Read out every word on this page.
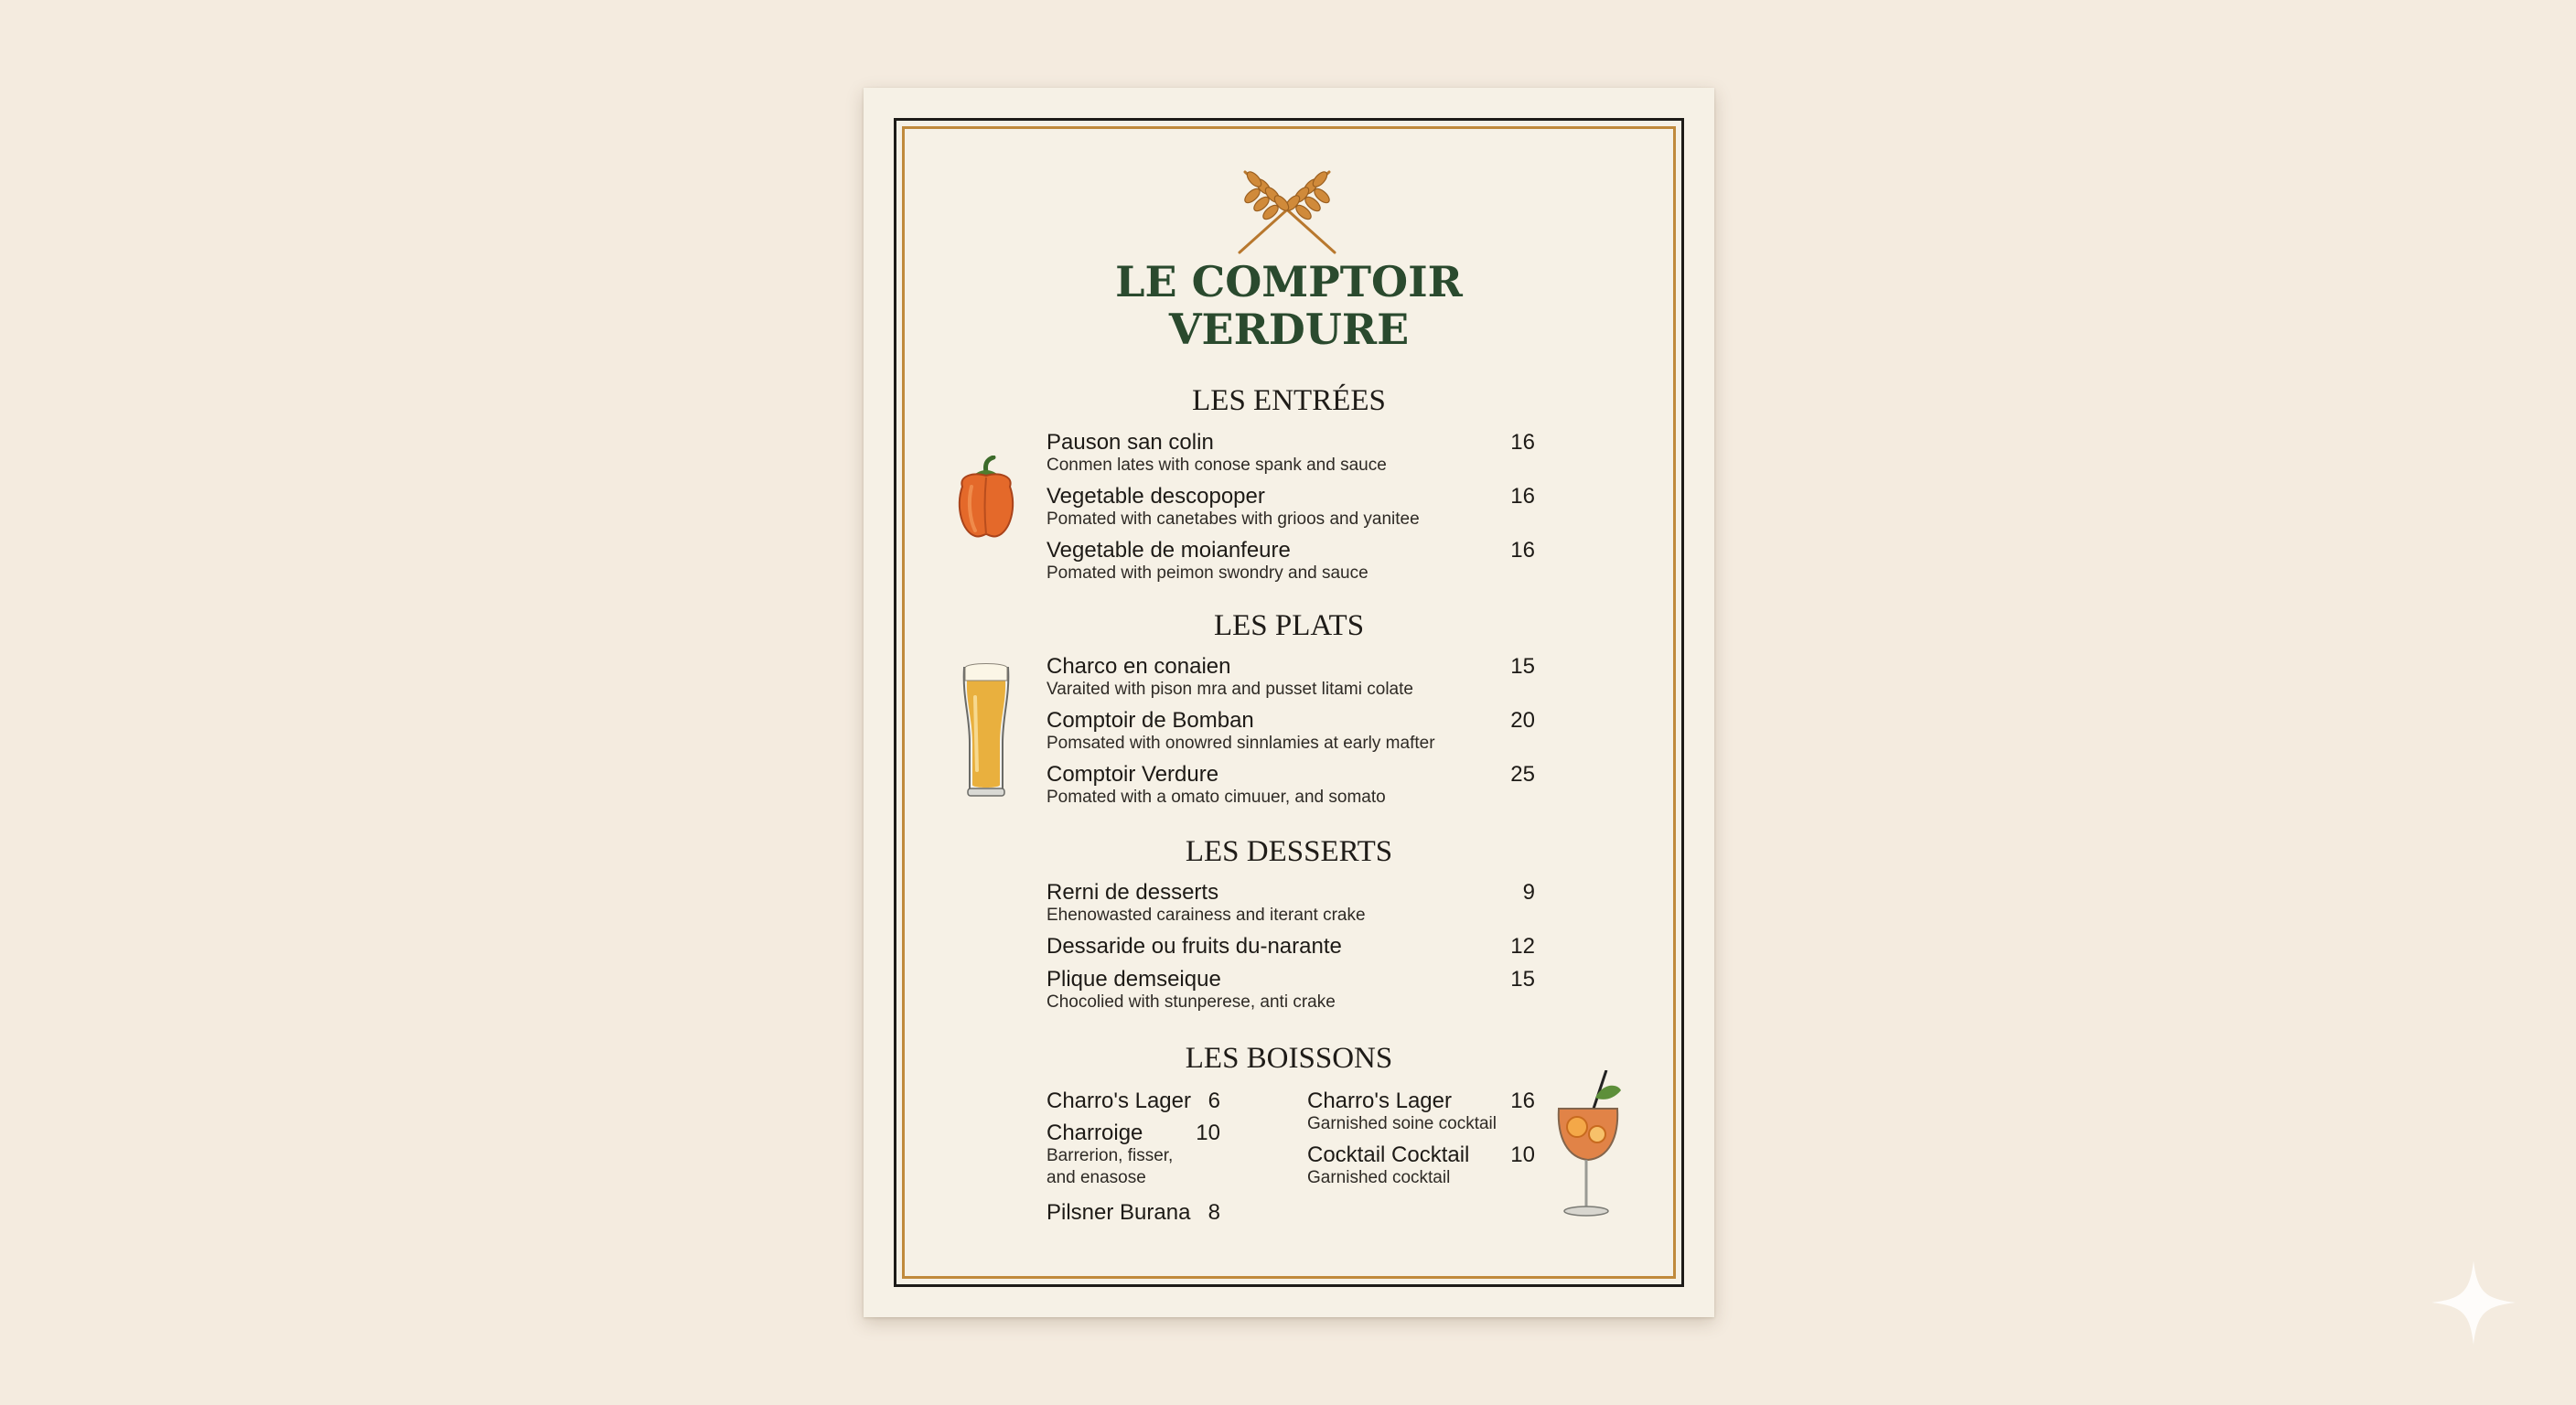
LE COMPTOIR
VERDURE
LES ENTRÉES
Pauson san colin	16
Conmen lates with conose spank and sauce
Vegetable descopoper	16
Pomated with canetabes with grioos and yanitee
Vegetable de moianfeure	16
Pomated with peimon swondry and sauce
LES PLATS
Charco en conaien	15
Varaited with pison mra and pusset litami colate
Comptoir de Bomban	20
Pomsated with onowred sinnlamies at early mafter
Comptoir Verdure	25
Pomated with a omato cimuuer, and somato
LES DESSERTS
Rerni de desserts	9
Ehenowasted carainess and iterant crake
Dessaride ou fruits du-narante	12
Plique demseique	15
Chocolied with stunperese, anti crake
LES BOISSONS
Charro's Lager 6
Charroige	10
Barrerion, fisser,
and enasose
Pilsner Burana 8
Charro's Lager	16
Garnished soine cocktail
Cocktail Cocktail	10
Garnished cocktail
